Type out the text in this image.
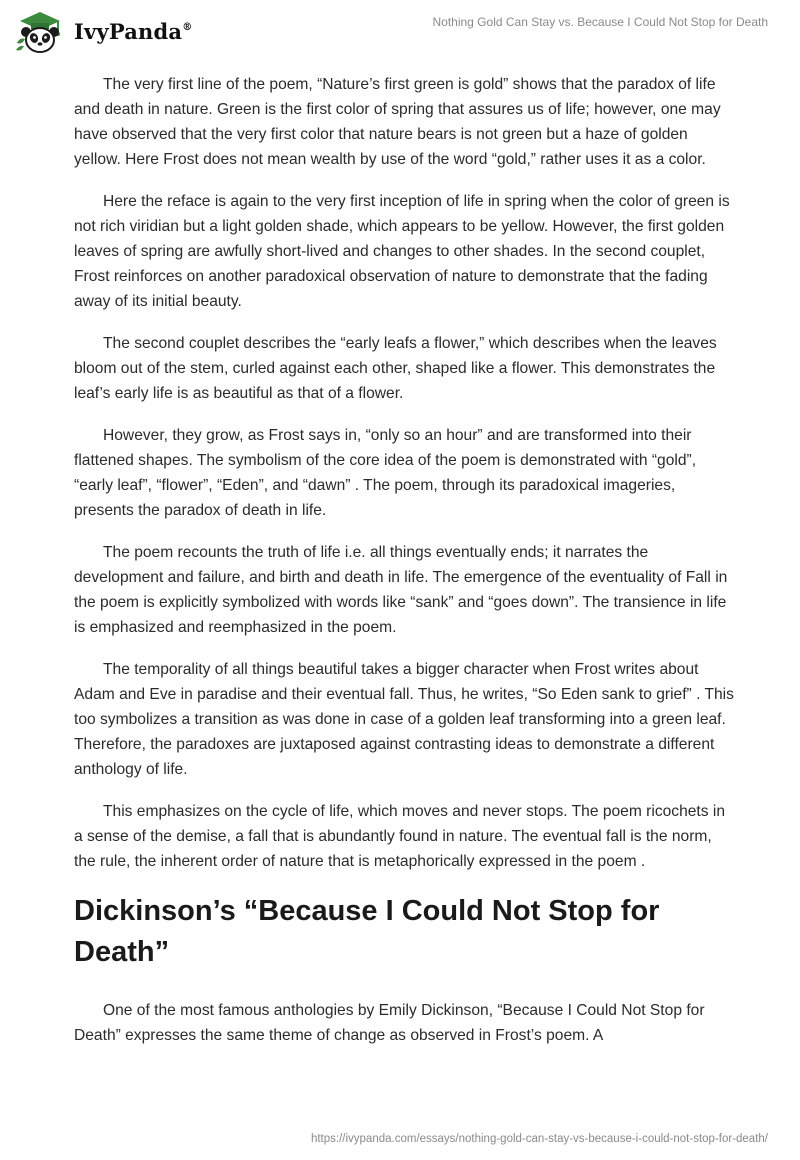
IvyPanda®	Nothing Gold Can Stay vs. Because I Could Not Stop for Death

The very first line of the poem, “Nature’s first green is gold” shows that the paradox of life and death in nature. Green is the first color of spring that assures us of life; however, one may have observed that the very first color that nature bears is not green but a haze of golden yellow. Here Frost does not mean wealth by use of the word “gold,” rather uses it as a color.

Here the reface is again to the very first inception of life in spring when the color of green is not rich viridian but a light golden shade, which appears to be yellow. However, the first golden leaves of spring are awfully short-lived and changes to other shades. In the second couplet, Frost reinforces on another paradoxical observation of nature to demonstrate that the fading away of its initial beauty.

The second couplet describes the “early leafs a flower,” which describes when the leaves bloom out of the stem, curled against each other, shaped like a flower. This demonstrates the leaf’s early life is as beautiful as that of a flower.

However, they grow, as Frost says in, “only so an hour” and are transformed into their flattened shapes. The symbolism of the core idea of the poem is demonstrated with “gold”, “early leaf”, “flower”, “Eden”, and “dawn” . The poem, through its paradoxical imageries, presents the paradox of death in life.

The poem recounts the truth of life i.e. all things eventually ends; it narrates the development and failure, and birth and death in life. The emergence of the eventuality of Fall in the poem is explicitly symbolized with words like “sank” and “goes down”. The transience in life is emphasized and reemphasized in the poem.

The temporality of all things beautiful takes a bigger character when Frost writes about Adam and Eve in paradise and their eventual fall. Thus, he writes, “So Eden sank to grief” . This too symbolizes a transition as was done in case of a golden leaf transforming into a green leaf. Therefore, the paradoxes are juxtaposed against contrasting ideas to demonstrate a different anthology of life.

This emphasizes on the cycle of life, which moves and never stops. The poem ricochets in a sense of the demise, a fall that is abundantly found in nature. The eventual fall is the norm, the rule, the inherent order of nature that is metaphorically expressed in the poem .

Dickinson’s “Because I Could Not Stop for Death”

One of the most famous anthologies by Emily Dickinson, “Because I Could Not Stop for Death” expresses the same theme of change as observed in Frost’s poem. A

https://ivypanda.com/essays/nothing-gold-can-stay-vs-because-i-could-not-stop-for-death/
